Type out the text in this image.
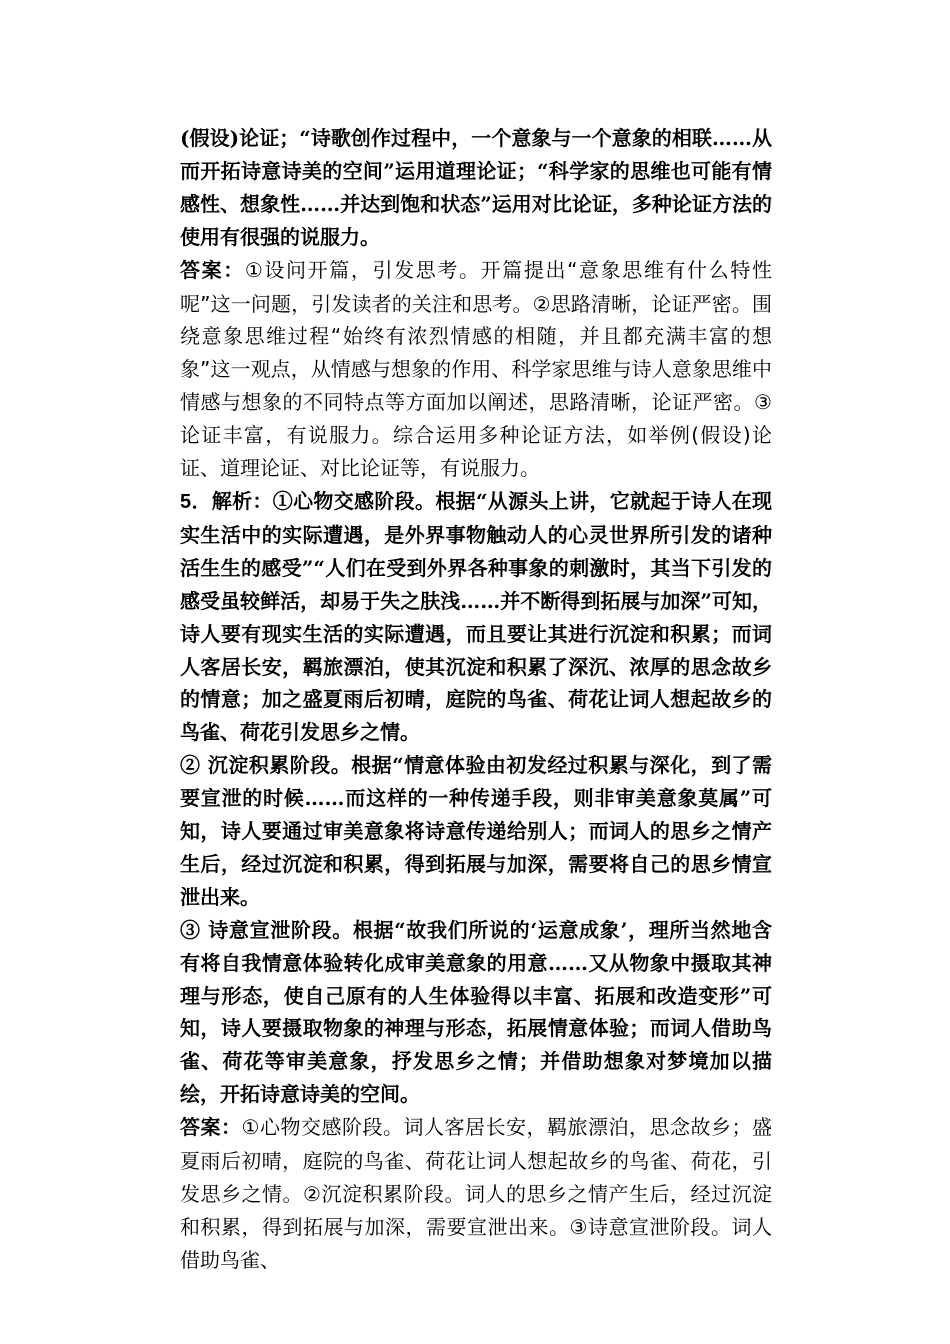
(假设)论证；“诗歌创作过程中，一个意象与一个意象的相联……从而开拓诗意诗美的空间”运用道理论证；“科学家的思维也可能有情感性、想象性……并达到饱和状态”运用对比论证，多种论证方法的使用有很强的说服力。

答案：①设问开篇，引发思考。开篇提出“意象思维有什么特性呢”这一问题，引发读者的关注和思考。②思路清晰，论证严密。围绕意象思维过程“始终有浓烈情感的相随，并且都充满丰富的想象”这一观点，从情感与想象的作用、科学家思维与诗人意象思维中情感与想象的不同特点等方面加以阐述，思路清晰，论证严密。③论证丰富，有说服力。综合运用多种论证方法，如举例(假设)论证、道理论证、对比论证等，有说服力。

5．解析：①心物交感阶段。根据“从源头上讲，它就起于诗人在现实生活中的实际遭遇，是外界事物触动人的心灵世界所引发的诸种活生生的感受”“人们在受到外界各种事象的刺激时，其当下引发的感受虽较鲜活，却易于失之肤浅……并不断得到拓展与加深”可知，诗人要有现实生活的实际遭遇，而且要让其进行沉淀和积累；而词人客居长安，羁旅漂泊，使其沉淀和积累了深沉、浓厚的思念故乡的情意；加之盛夏雨后初晴，庭院的鸟雀、荷花让词人想起故乡的鸟雀、荷花引发思乡之情。

② 沉淀积累阶段。根据“情意体验由初发经过积累与深化，到了需要宣泄的时候……而这样的一种传递手段，则非审美意象莫属”可知，诗人要通过审美意象将诗意传递给别人；而词人的思乡之情产生后，经过沉淀和积累，得到拓展与加深，需要将自己的思乡情宣泄出来。

③ 诗意宣泄阶段。根据“故我们所说的‘运意成象’，理所当然地含有将自我情意体验转化成审美意象的用意……又从物象中摄取其神理与形态，使自己原有的人生体验得以丰富、拓展和改造变形”可知，诗人要摄取物象的神理与形态，拓展情意体验；而词人借助鸟雀、荷花等审美意象，抒发思乡之情；并借助想象对梦境加以描绘，开拓诗意诗美的空间。

答案：①心物交感阶段。词人客居长安，羁旅漂泊，思念故乡；盛夏雨后初晴，庭院的鸟雀、荷花让词人想起故乡的鸟雀、荷花，引发思乡之情。②沉淀积累阶段。词人的思乡之情产生后，经过沉淀和积累，得到拓展与加深，需要宣泄出来。③诗意宣泄阶段。词人借助鸟雀、
